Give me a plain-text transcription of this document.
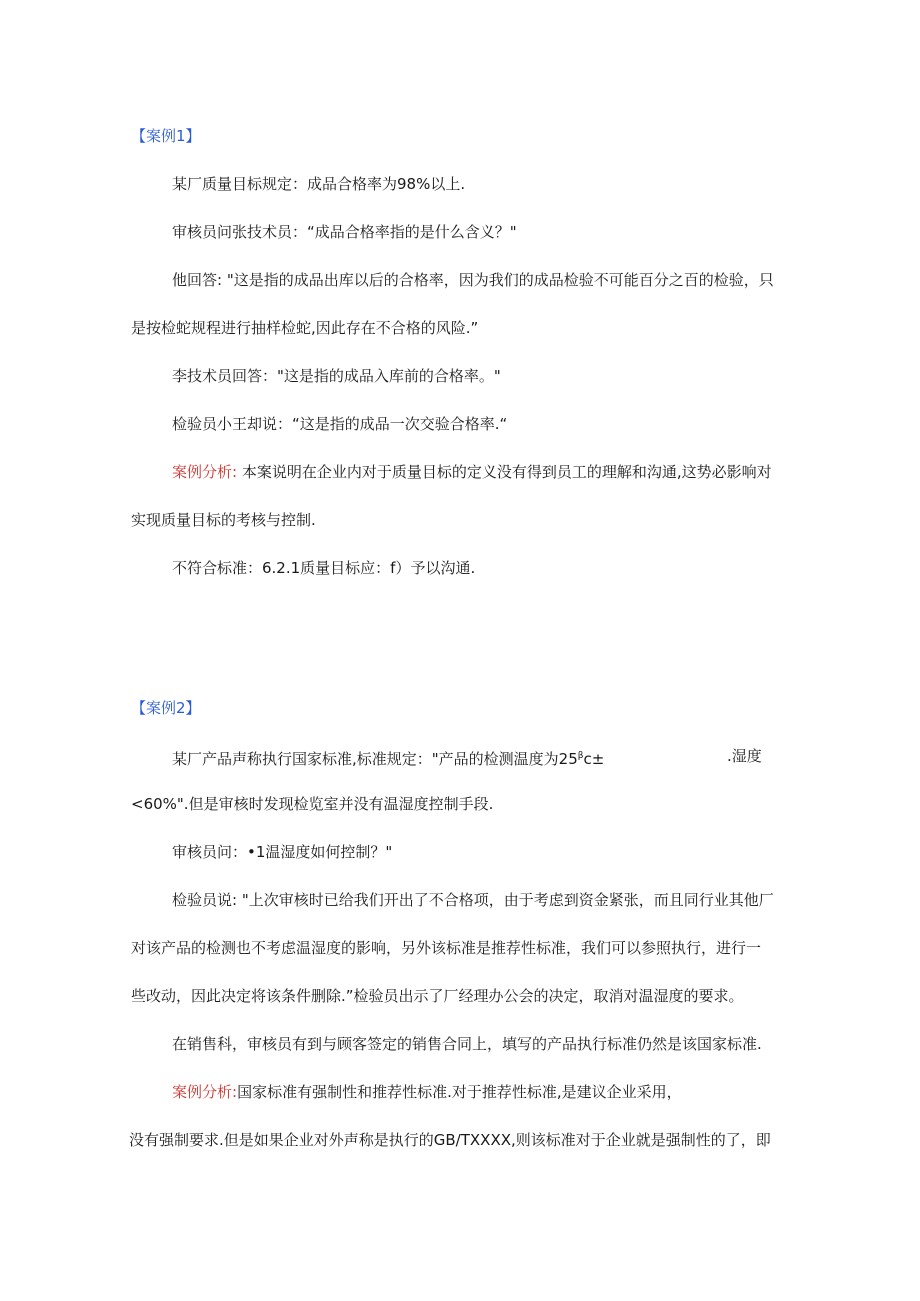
【案例1】
某厂质量目标规定：成品合格率为98%以上.
审核员问张技术员：“成品合格率指的是什么含义？"
他回答: "这是指的成品出库以后的合格率，因为我们的成品检验不可能百分之百的检验，只
是按检蛇规程进行抽样检蛇,因此存在不合格的风险.”
李技术员回答："这是指的成品入库前的合格率。"
检验员小王却说：“这是指的成品一次交验合格率.“
案例分析: 本案说明在企业内对于质量目标的定义没有得到员工的理解和沟通,这势必影响对
实现质量目标的考核与控制.
不符合标准：6.2.1质量目标应：f）予以沟通.
【案例2】
某厂产品声称执行国家标准,标准规定："产品的检测温度为$25^\beta c\pm$	.湿度
<60%".但是审核时发现检览室并没有温湿度控制手段.
审核员问：•1温湿度如何控制？"
检验员说: "上次审核时已给我们开出了不合格项，由于考虑到资金紧张，而且同行业其他厂
对该产品的检测也不考虑温湿度的影响，另外该标准是推荐性标准，我们可以参照执行，进行一
些改动，因此决定将该条件删除.”检验员出示了厂经理办公会的决定，取消对温湿度的要求。
在销售科，审核员有到与顾客签定的销售合同上，填写的产品执行标准仍然是该国家标准.
案例分析:国家标准有强制性和推荐性标准.对于推荐性标准,是建议企业采用，
没有强制要求.但是如果企业对外声称是执行的GB/TXXXX,则该标准对于企业就是强制性的了，即
